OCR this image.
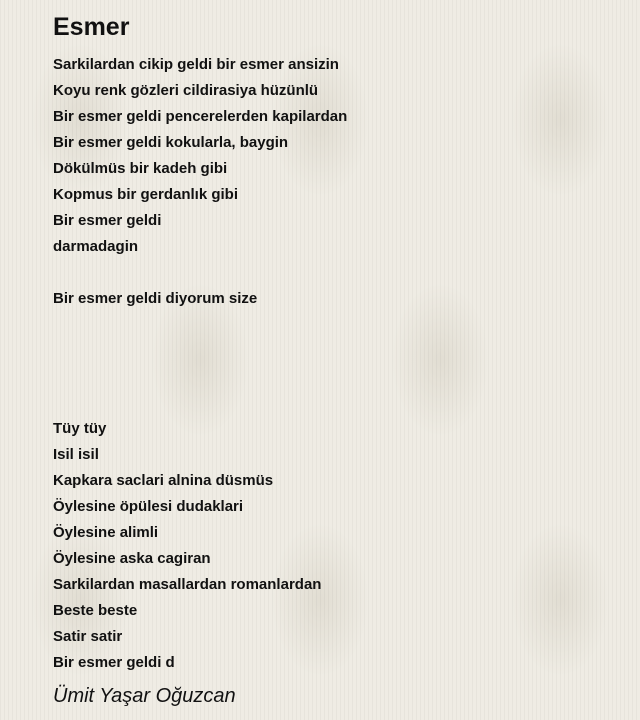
Esmer
Sarkilardan cikip geldi bir esmer ansizin
Koyu renk gözleri cildirasiya hüzünlü
Bir esmer geldi pencerelerden kapilardan
Bir esmer geldi kokularla, baygin
Dökülmüs bir kadeh gibi
Kopmus bir gerdanlık gibi
Bir esmer geldi
darmadagin
Bir esmer geldi diyorum size
Tüy tüy
Isil isil
Kapkara saclari alnina düsmüs
Öylesine öpülesi dudaklari
Öylesine alimli
Öylesine aska cagiran
Sarkilardan masallardan romanlardan
Beste beste
Satir satir
Bir esmer geldi d
Ümit Yaşar Oğuzcan
